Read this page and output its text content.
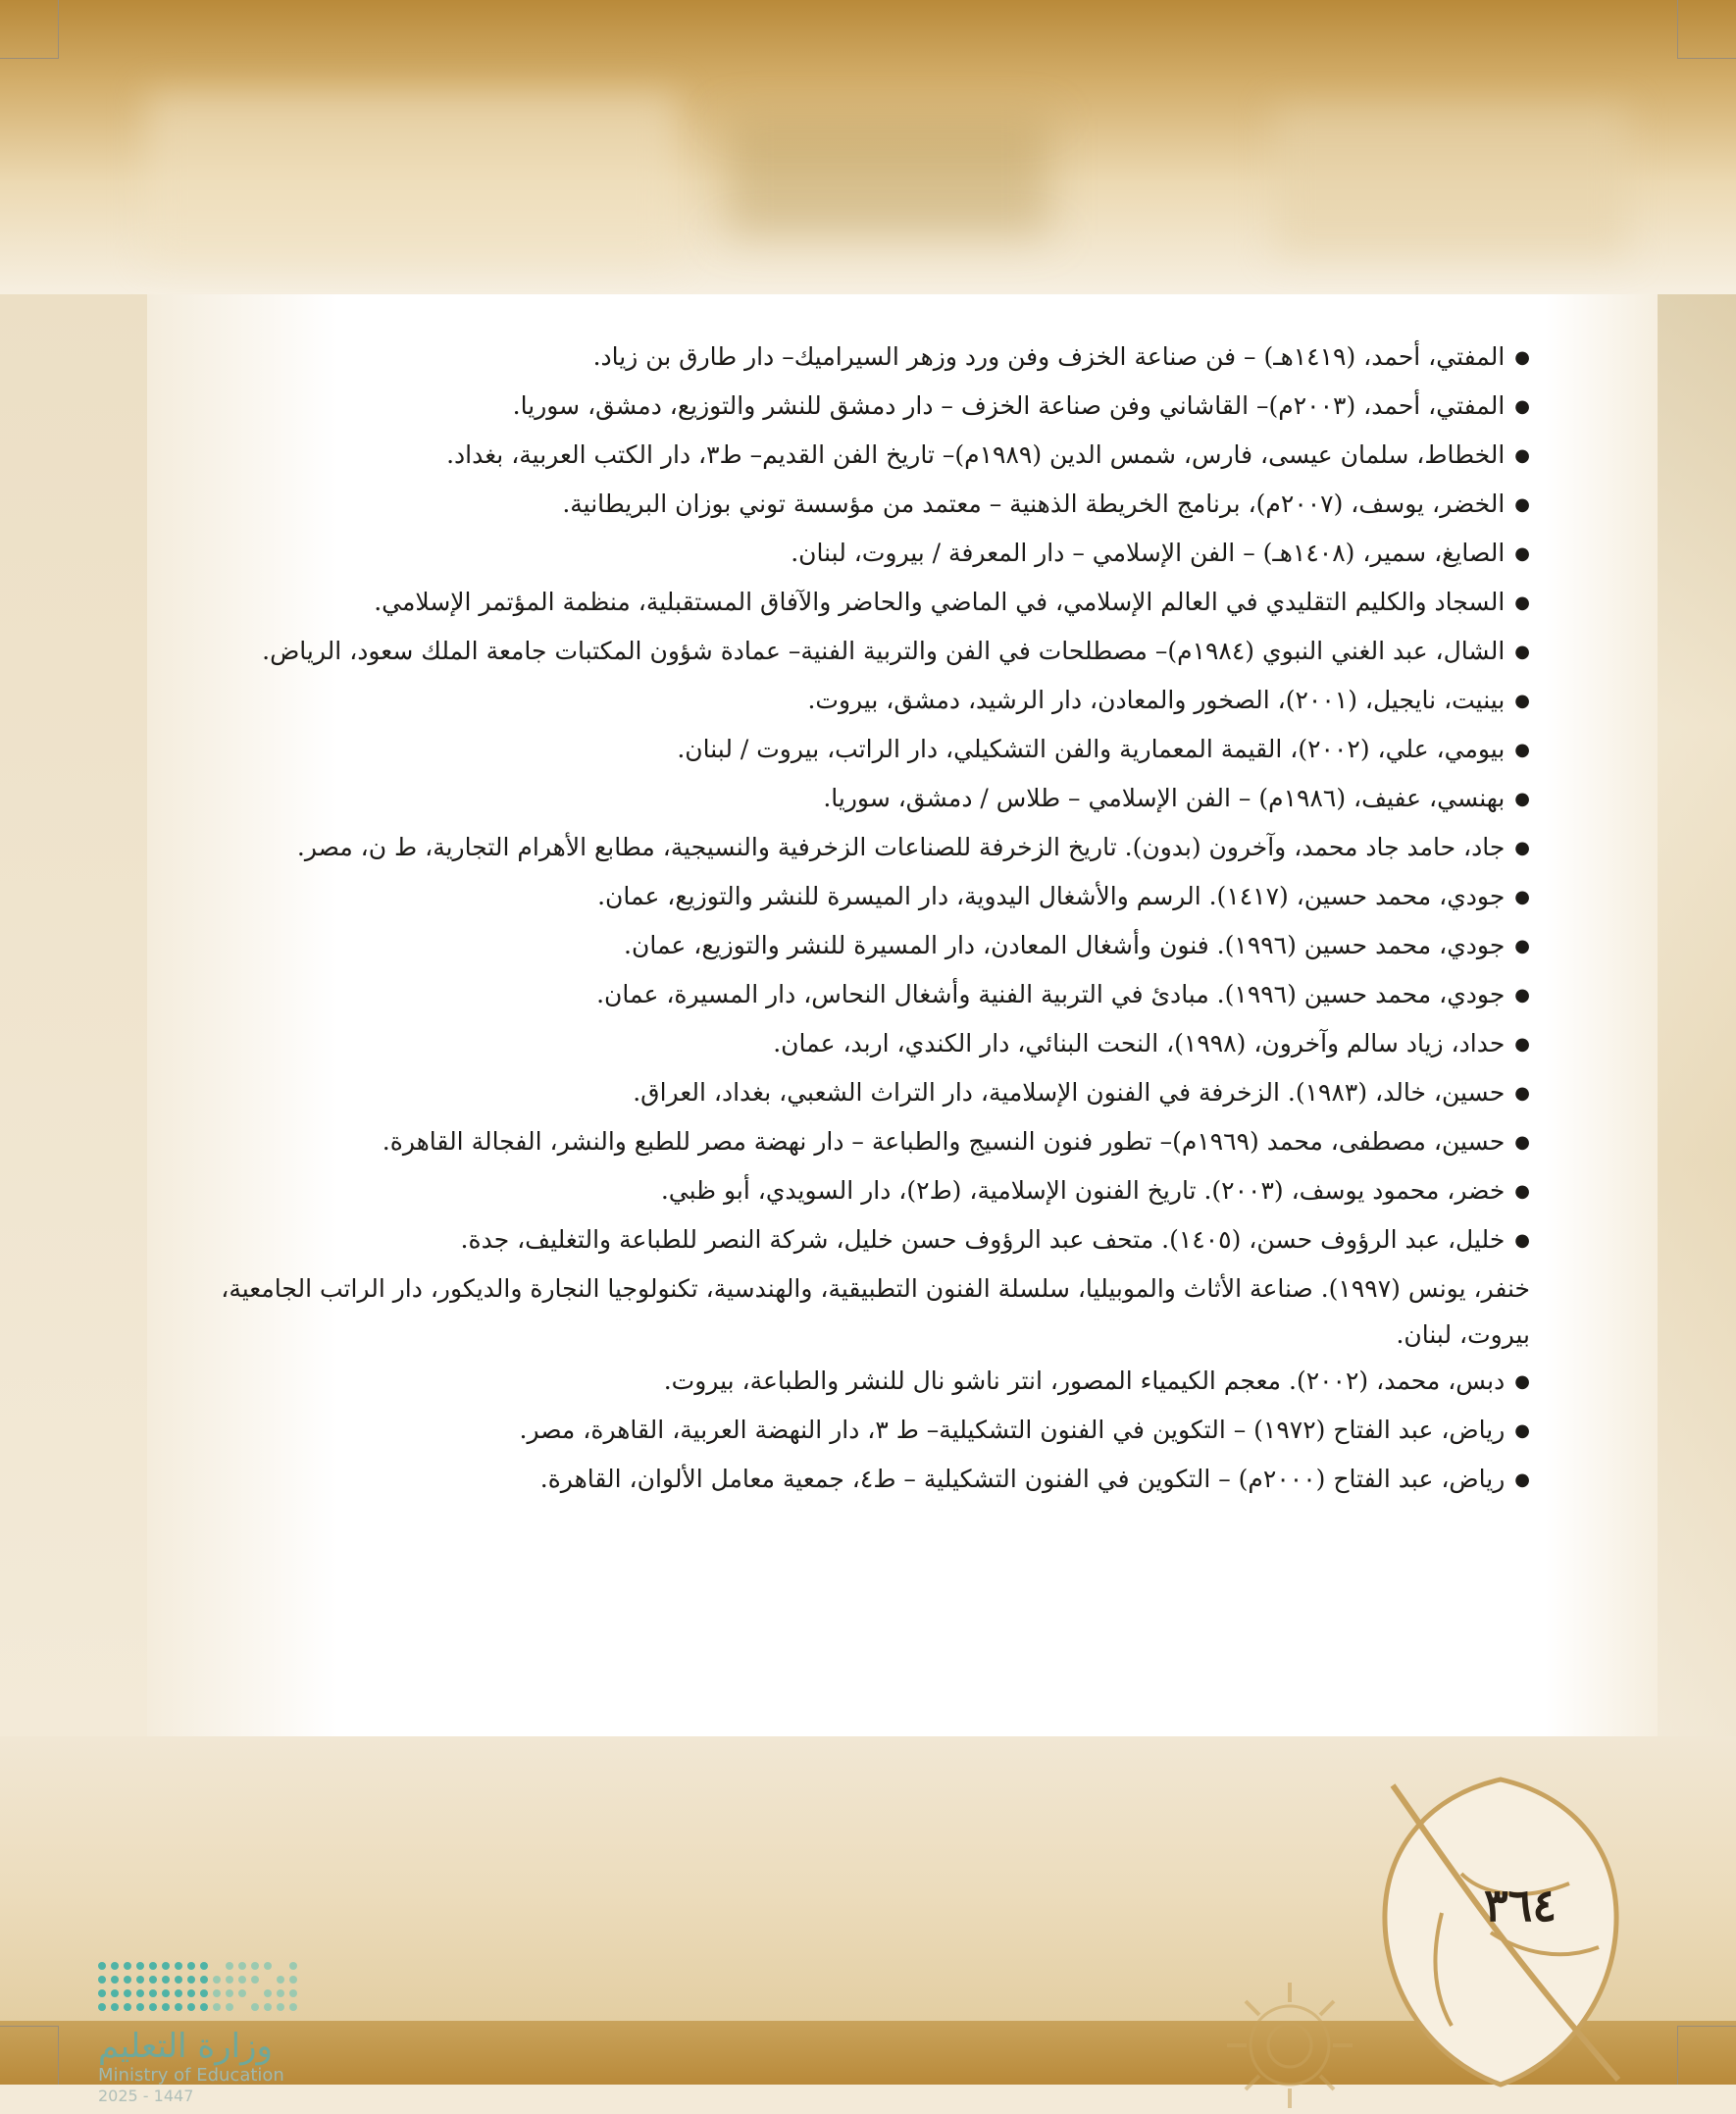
● المفتي، أحمد، (١٤١٩هـ) – فن صناعة الخزف وفن ورد وزهر السيراميك– دار طارق بن زياد.
● المفتي، أحمد، (٢٠٠٣م)– القاشاني وفن صناعة الخزف – دار دمشق للنشر والتوزيع، دمشق، سوريا.
● الخطاط، سلمان عيسى، فارس، شمس الدين (١٩٨٩م)– تاريخ الفن القديم– ط٣، دار الكتب العربية، بغداد.
● الخضر، يوسف، (٢٠٠٧م)، برنامج الخريطة الذهنية – معتمد من مؤسسة توني بوزان البريطانية.
● الصايغ، سمير، (١٤٠٨هـ) – الفن الإسلامي – دار المعرفة / بيروت، لبنان.
● السجاد والكليم التقليدي في العالم الإسلامي، في الماضي والحاضر والآفاق المستقبلية، منظمة المؤتمر الإسلامي.
● الشال، عبد الغني النبوي (١٩٨٤م)– مصطلحات في الفن والتربية الفنية– عمادة شؤون المكتبات جامعة الملك سعود، الرياض.
● بينيت، نايجيل، (٢٠٠١)، الصخور والمعادن، دار الرشيد، دمشق، بيروت.
● بيومي، علي، (٢٠٠٢)، القيمة المعمارية والفن التشكيلي، دار الراتب، بيروت / لبنان.
● بهنسي، عفيف، (١٩٨٦م) – الفن الإسلامي – طلاس / دمشق، سوريا.
● جاد، حامد جاد محمد، وآخرون (بدون). تاريخ الزخرفة للصناعات الزخرفية والنسيجية، مطابع الأهرام التجارية، ط ن، مصر.
● جودي، محمد حسين، (١٤١٧). الرسم والأشغال اليدوية، دار الميسرة للنشر والتوزيع، عمان.
● جودي، محمد حسين (١٩٩٦). فنون وأشغال المعادن، دار المسيرة للنشر والتوزيع، عمان.
● جودي، محمد حسين (١٩٩٦). مبادئ في التربية الفنية وأشغال النحاس، دار المسيرة، عمان.
● حداد، زياد سالم وآخرون، (١٩٩٨)، النحت البنائي، دار الكندي، اربد، عمان.
● حسين، خالد، (١٩٨٣). الزخرفة في الفنون الإسلامية، دار التراث الشعبي، بغداد، العراق.
● حسين، مصطفى، محمد (١٩٦٩م)– تطور فنون النسيج والطباعة – دار نهضة مصر للطبع والنشر، الفجالة القاهرة.
● خضر، محمود يوسف، (٢٠٠٣). تاريخ الفنون الإسلامية، (ط٢)، دار السويدي، أبو ظبي.
● خليل، عبد الرؤوف حسن، (١٤٠٥). متحف عبد الرؤوف حسن خليل، شركة النصر للطباعة والتغليف، جدة.
خنفر، يونس (١٩٩٧). صناعة الأثاث والموبيليا، سلسلة الفنون التطبيقية، والهندسية، تكنولوجيا النجارة والديكور، دار الراتب الجامعية، بيروت، لبنان.
● دبس، محمد، (٢٠٠٢). معجم الكيمياء المصور، انتر ناشو نال للنشر والطباعة، بيروت.
● رياض، عبد الفتاح (١٩٧٢) – التكوين في الفنون التشكيلية– ط ٣، دار النهضة العربية، القاهرة، مصر.
● رياض، عبد الفتاح (٢٠٠٠م) – التكوين في الفنون التشكيلية – ط٤، جمعية معامل الألوان، القاهرة.
وزارة التعليم
Ministry of Education
2025 - 1447
٣٦٤
